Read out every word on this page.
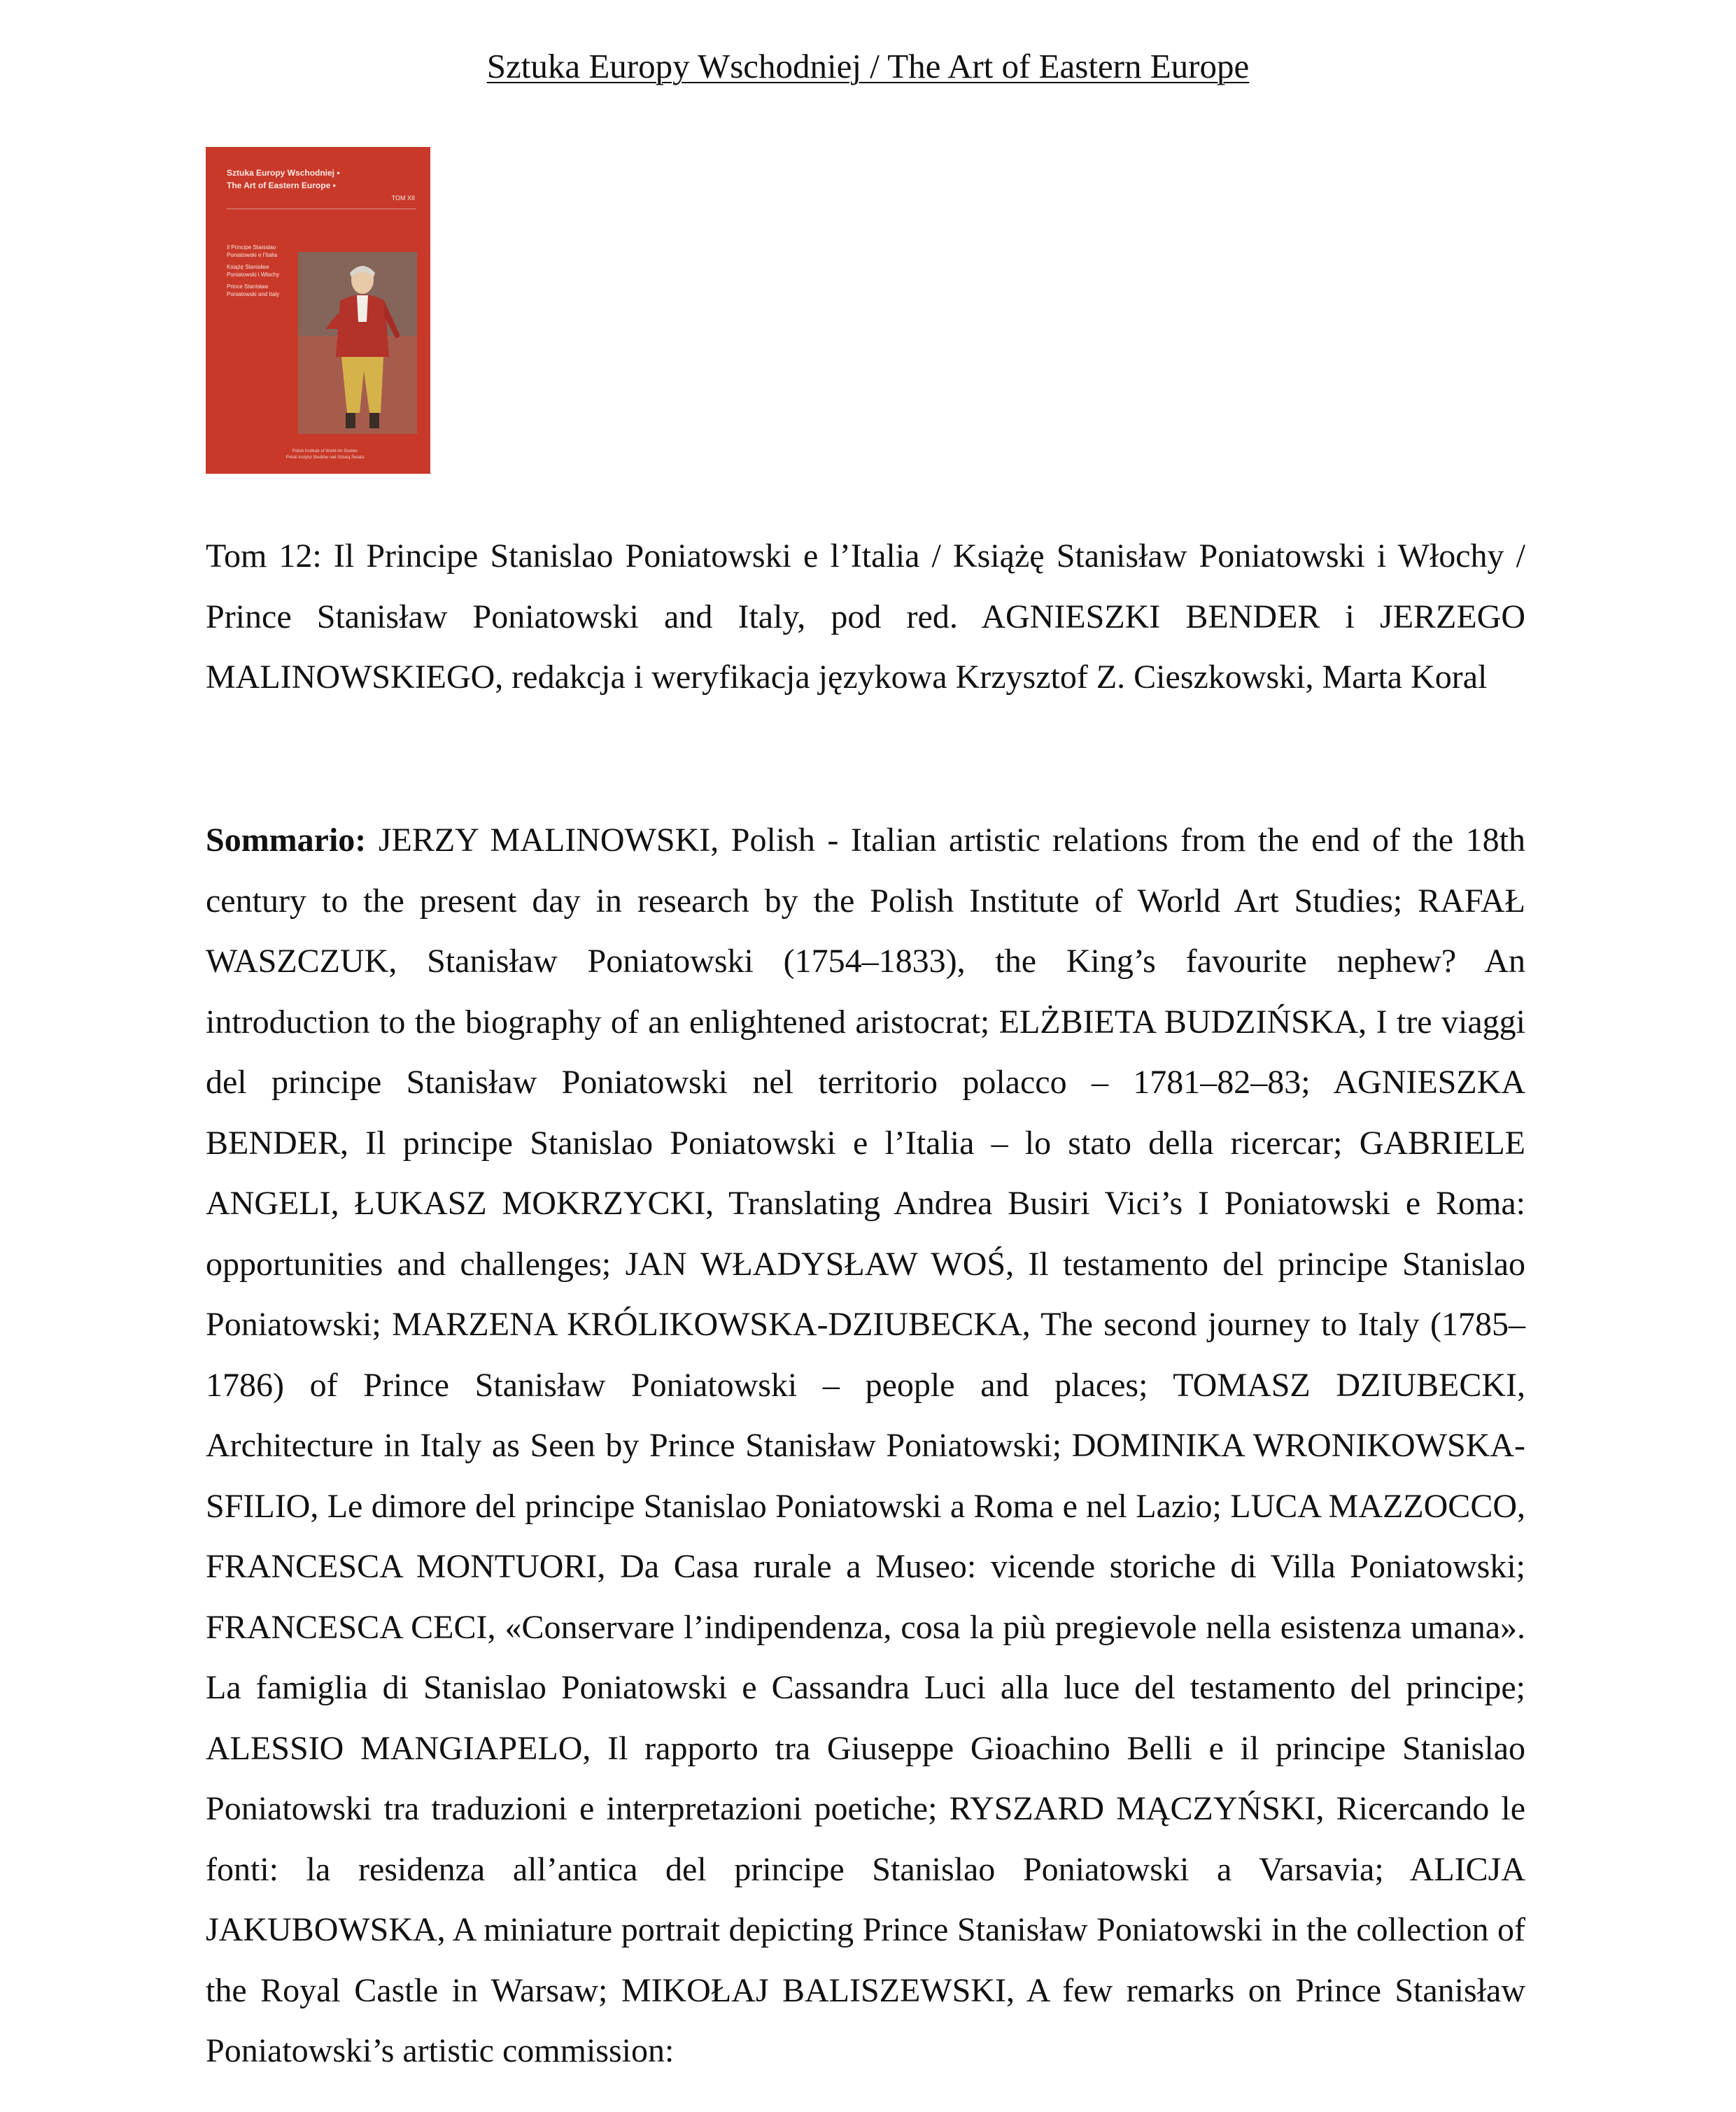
Sztuka Europy Wschodniej / The Art of Eastern Europe
Sztuka Europy Wschodniej •
The Art of Eastern Europe •
TOM XII
Il Principe Stanislao Poniatowski e l’Italia
Książę Stanisław Poniatowski i Włochy
Prince Stanisław Poniatowski and Italy
Polish Institute of World Art Studies
Polski Instytut Studiów nad Sztuką Świata

Tom 12: Il Principe Stanislao Poniatowski e l’Italia / Książę Stanisław Poniatowski i Włochy / Prince Stanisław Poniatowski and Italy, pod red. AGNIESZKI BENDER i JERZEGO MALINOWSKIEGO, redakcja i weryfikacja językowa Krzysztof Z. Cieszkowski, Marta Koral

Sommario: JERZY MALINOWSKI, Polish - Italian artistic relations from the end of the 18th century to the present day in research by the Polish Institute of World Art Studies; RAFAŁ WASZCZUK, Stanisław Poniatowski (1754–1833), the King’s favourite nephew? An introduction to the biography of an enlightened aristocrat; ELŻBIETA BUDZIŃSKA, I tre viaggi del principe Stanisław Poniatowski nel territorio polacco – 1781–82–83; AGNIESZKA BENDER, Il principe Stanislao Poniatowski e l’Italia – lo stato della ricercar; GABRIELE ANGELI, ŁUKASZ MOKRZYCKI, Translating Andrea Busiri Vici’s I Poniatowski e Roma: opportunities and challenges; JAN WŁADYSŁAW WOŚ, Il testamento del principe Stanislao Poniatowski; MARZENA KRÓLIKOWSKA-DZIUBECKA, The second journey to Italy (1785–1786) of Prince Stanisław Poniatowski – people and places; TOMASZ DZIUBECKI, Architecture in Italy as Seen by Prince Stanisław Poniatowski; DOMINIKA WRONIKOWSKA-SFILIO, Le dimore del principe Stanislao Poniatowski a Roma e nel Lazio; LUCA MAZZOCCO, FRANCESCA MONTUORI, Da Casa rurale a Museo: vicende storiche di Villa Poniatowski; FRANCESCA CECI, «Conservare l’indipendenza, cosa la più pregievole nella esistenza umana». La famiglia di Stanislao Poniatowski e Cassandra Luci alla luce del testamento del principe; ALESSIO MANGIAPELO, Il rapporto tra Giuseppe Gioachino Belli e il principe Stanislao Poniatowski tra traduzioni e interpretazioni poetiche; RYSZARD MĄCZYŃSKI, Ricercando le fonti: la residenza all’antica del principe Stanislao Poniatowski a Varsavia; ALICJA JAKUBOWSKA, A miniature portrait depicting Prince Stanisław Poniatowski in the collection of the Royal Castle in Warsaw; MIKOŁAJ BALISZEWSKI, A few remarks on Prince Stanisław Poniatowski’s artistic commission:
